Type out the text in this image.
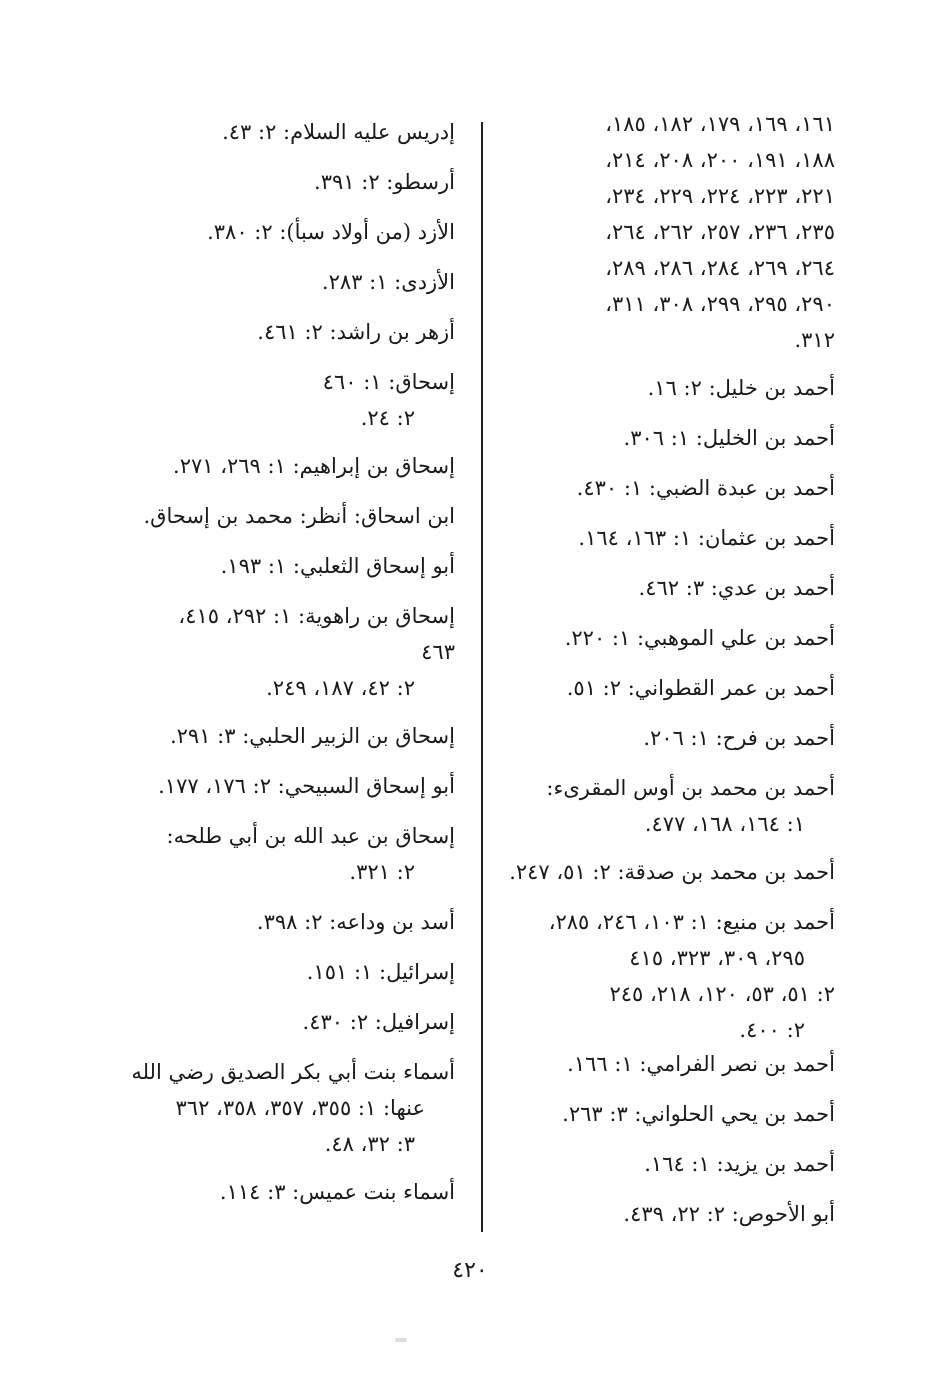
١٦١، ١٦٩، ١٧٩، ١٨٢، ١٨٥،
١٨٨، ١٩١، ٢٠٠، ٢٠٨، ٢١٤،
٢٢١، ٢٢٣، ٢٢٤، ٢٢٩، ٢٣٤،
٢٣٥، ٢٣٦، ٢٥٧، ٢٦٢، ٢٦٤،
٢٦٤، ٢٦٩، ٢٨٤، ٢٨٦، ٢٨٩،
٢٩٠، ٢٩٥، ٢٩٩، ٣٠٨، ٣١١،
٣١٢.
أحمد بن خليل: ٢: ١٦.
أحمد بن الخليل: ١: ٣٠٦.
أحمد بن عبدة الضبي: ١: ٤٣٠.
أحمد بن عثمان: ١: ١٦٣، ١٦٤.
أحمد بن عدي: ٣: ٤٦٢.
أحمد بن علي الموهبي: ١: ٢٢٠.
أحمد بن عمر القطواني: ٢: ٥١.
أحمد بن فرح: ١: ٢٠٦.
أحمد بن محمد بن أوس المقرىء:
١: ١٦٤، ١٦٨، ٤٧٧.
أحمد بن محمد بن صدقة: ٢: ٥١، ٢٤٧.
أحمد بن منيع: ١: ١٠٣، ٢٤٦، ٢٨٥،
٢٩٥، ٣٠٩، ٣٢٣، ٤١٥
٢: ٥١، ٥٣، ١٢٠، ٢١٨، ٢٤٥
٢: ٤٠٠.
أحمد بن نصر الفرامي: ١: ١٦٦.
أحمد بن يحي الحلواني: ٣: ٢٦٣.
أحمد بن يزيد: ١: ١٦٤.
أبو الأحوص: ٢: ٢٢، ٤٣٩.
إدريس عليه السلام: ٢: ٤٣.
أرسطو: ٢: ٣٩١.
الأزد (من أولاد سبأ): ٢: ٣٨٠.
الأزدى: ١: ٢٨٣.
أزهر بن راشد: ٢: ٤٦١.
إسحاق: ١: ٤٦٠
٢: ٢٤.
إسحاق بن إبراهيم: ١: ٢٦٩، ٢٧١.
ابن اسحاق: أنظر: محمد بن إسحاق.
أبو إسحاق الثعلبي: ١: ١٩٣.
إسحاق بن راهوية: ١: ٢٩٢، ٤١٥،
٤٦٣
٢: ٤٢، ١٨٧، ٢٤٩.
إسحاق بن الزبير الحلبي: ٣: ٢٩١.
أبو إسحاق السبيحي: ٢: ١٧٦، ١٧٧.
إسحاق بن عبد الله بن أبي طلحه:
٢: ٣٢١.
أسد بن وداعه: ٢: ٣٩٨.
إسرائيل: ١: ١٥١.
إسرافيل: ٢: ٤٣٠.
أسماء بنت أبي بكر الصديق رضي الله
عنها: ١: ٣٥٥، ٣٥٧، ٣٥٨، ٣٦٢
٣: ٣٢، ٤٨.
أسماء بنت عميس: ٣: ١١٤.
٤٢٠
